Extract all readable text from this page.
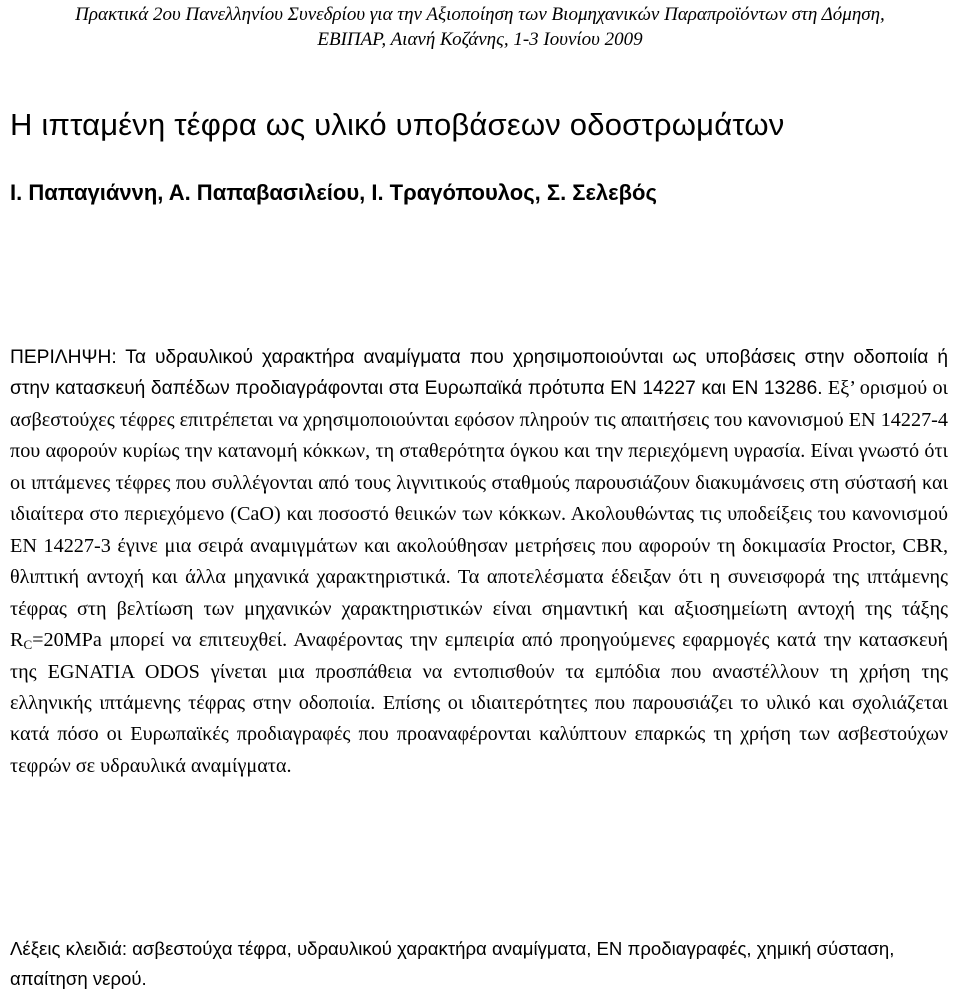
Πρακτικά 2ου Πανελληνίου Συνεδρίου για την Αξιοποίηση των Βιομηχανικών Παραπροϊόντων στη Δόμηση,
ΕΒΙΠΑΡ, Αιανή Κοζάνης, 1-3 Ιουνίου 2009
Η ιπταμένη τέφρα ως υλικό υποβάσεων οδοστρωμάτων

Ι. Παπαγιάννη, Α. Παπαβασιλείου, Ι. Τραγόπουλος, Σ. Σελεβός

ΠΕΡΙΛΗΨΗ: Τα υδραυλικού χαρακτήρα αναμίγματα που χρησιμοποιούνται ως υποβάσεις στην οδοποιία ή στην κατασκευή δαπέδων προδιαγράφονται στα Ευρωπαϊκά πρότυπα EN 14227 και EN 13286. Εξ’ ορισμού οι ασβεστούχες τέφρες επιτρέπεται να χρησιμοποιούνται εφόσον πληρούν τις απαιτήσεις του κανονισμού ΕΝ 14227-4 που αφορούν κυρίως την κατανομή κόκκων, τη σταθερότητα όγκου και την περιεχόμενη υγρασία. Είναι γνωστό ότι οι ιπτάμενες τέφρες που συλλέγονται από τους λιγνιτικούς σταθμούς παρουσιάζουν διακυμάνσεις στη σύστασή και ιδιαίτερα στο περιεχόμενο (CaO) και ποσοστό θειικών των κόκκων. Ακολουθώντας τις υποδείξεις του κανονισμού ΕΝ 14227-3 έγινε μια σειρά αναμιγμάτων και ακολούθησαν μετρήσεις που αφορούν τη δοκιμασία Proctor, CBR, θλιπτική αντοχή και άλλα μηχανικά χαρακτηριστικά. Τα αποτελέσματα έδειξαν ότι η συνεισφορά της ιπτάμενης τέφρας στη βελτίωση των μηχανικών χαρακτηριστικών είναι σημαντική και αξιοσημείωτη αντοχή της τάξης $R_C=20MPa$ μπορεί να επιτευχθεί. Αναφέροντας την εμπειρία από προηγούμενες εφαρμογές κατά την κατασκευή της EGNATIA ODOS γίνεται μια προσπάθεια να εντοπισθούν τα εμπόδια που αναστέλλουν τη χρήση της ελληνικής ιπτάμενης τέφρας στην οδοποιία. Επίσης οι ιδιαιτερότητες που παρουσιάζει το υλικό και σχολιάζεται κατά πόσο οι Ευρωπαϊκές προδιαγραφές που προαναφέρονται καλύπτουν επαρκώς τη χρήση των ασβεστούχων τεφρών σε υδραυλικά αναμίγματα.

Λέξεις κλειδιά: ασβεστούχα τέφρα, υδραυλικού χαρακτήρα αναμίγματα, ΕΝ προδιαγραφές, χημική σύσταση, απαίτηση νερού.
